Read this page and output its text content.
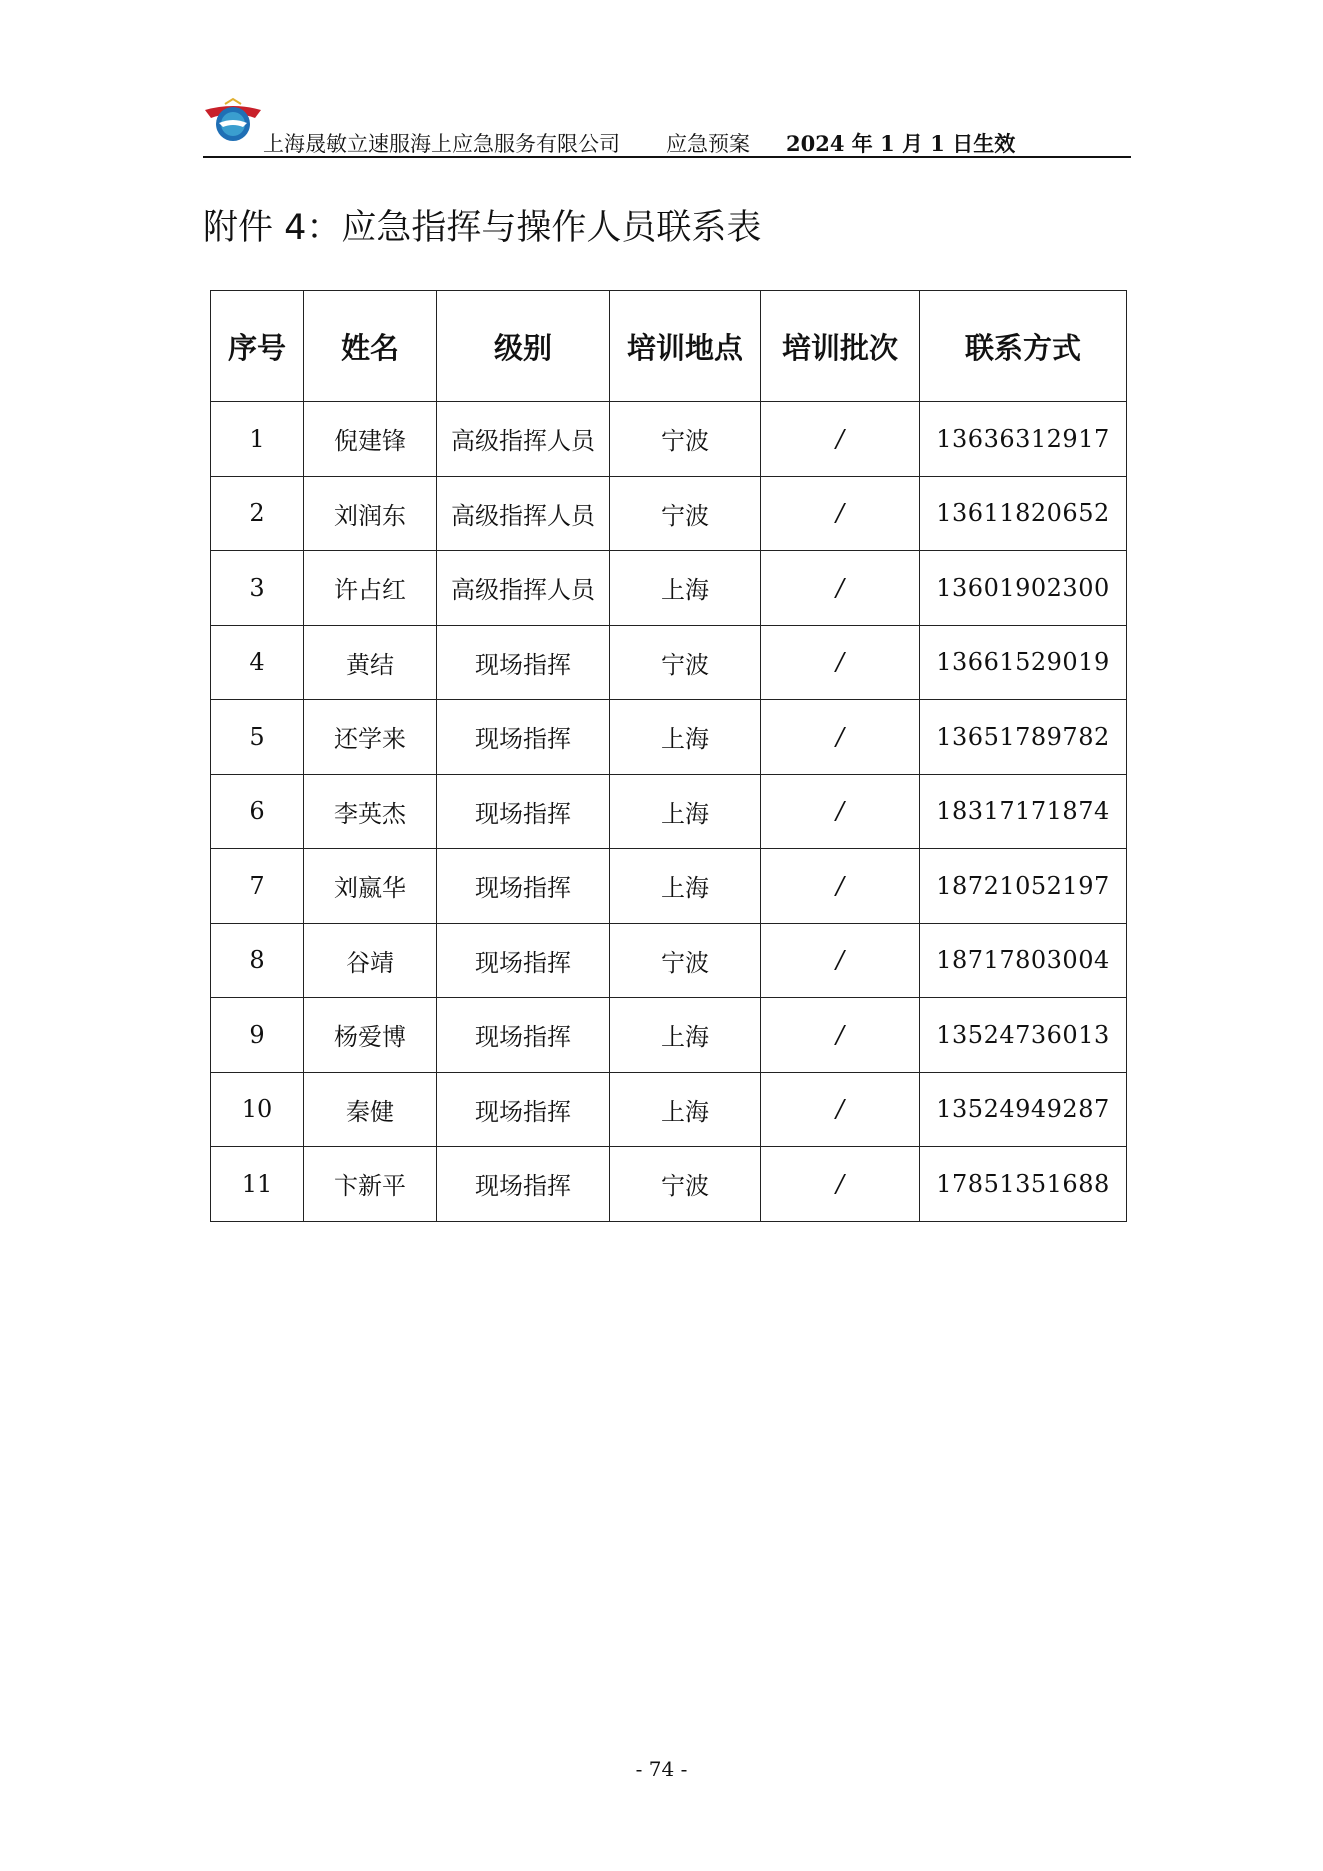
上海晟敏立速服海上应急服务有限公司 应急预案 2024 年 1 月 1 日生效
附件 4：应急指挥与操作人员联系表
序号	姓名	级别	培训地点	培训批次	联系方式
1	倪建锋	高级指挥人员	宁波	/	13636312917
2	刘润东	高级指挥人员	宁波	/	13611820652
3	许占红	高级指挥人员	上海	/	13601902300
4	黄结	现场指挥	宁波	/	13661529019
5	还学来	现场指挥	上海	/	13651789782
6	李英杰	现场指挥	上海	/	18317171874
7	刘嬴华	现场指挥	上海	/	18721052197
8	谷靖	现场指挥	宁波	/	18717803004
9	杨爱博	现场指挥	上海	/	13524736013
10	秦健	现场指挥	上海	/	13524949287
11	卞新平	现场指挥	宁波	/	17851351688
- 74 -
